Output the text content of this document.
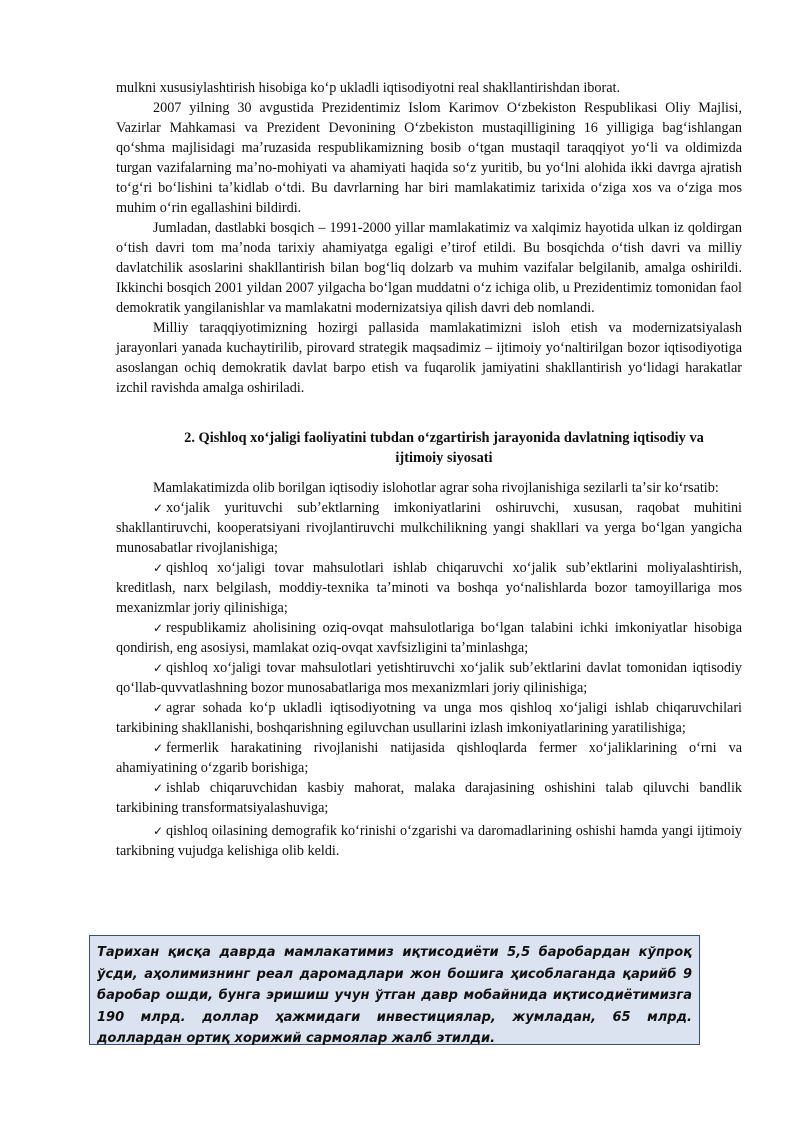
mulkni xususiylashtirish hisobiga koʻp ukladli iqtisodiyotni real shakllantirishdan iborat.

2007 yilning 30 avgustida Prezidentimiz Islom Karimov Oʻzbekiston Respublikasi Oliy Majlisi, Vazirlar Mahkamasi va Prezident Devonining Oʻzbekiston mustaqilligining 16 yilligiga bagʻishlangan qoʻshma majlisidagi maʼruzasida respublikamizning bosib oʻtgan mustaqil taraqqiyot yoʻli va oldimizda turgan vazifalarning maʼno-mohiyati va ahamiyati haqida soʻz yuritib, bu yoʻlni alohida ikki davrga ajratish toʻgʻri boʻlishini taʼkidlab oʻtdi. Bu davrlarning har biri mamlakatimiz tarixida oʻziga xos va oʻziga mos muhim oʻrin egallashini bildirdi.

Jumladan, dastlabki bosqich – 1991-2000 yillar mamlakatimiz va xalqimiz hayotida ulkan iz qoldirgan oʻtish davri tom maʼnoda tarixiy ahamiyatga egaligi eʼtirof etildi. Bu bosqichda oʻtish davri va milliy davlatchilik asoslarini shakllantirish bilan bogʻliq dolzarb va muhim vazifalar belgilanib, amalga oshirildi. Ikkinchi bosqich 2001 yildan 2007 yilgacha boʻlgan muddatni oʻz ichiga olib, u Prezidentimiz tomonidan faol demokratik yangilanishlar va mamlakatni modernizatsiya qilish davri deb nomlandi.

Milliy taraqqiyotimizning hozirgi pallasida mamlakatimizni isloh etish va modernizatsiyalash jarayonlari yanada kuchaytirilib, pirovard strategik maqsadimiz – ijtimoiy yoʻnaltirilgan bozor iqtisodiyotiga asoslangan ochiq demokratik davlat barpo etish va fuqarolik jamiyatini shakllantirish yoʻlidagi harakatlar izchil ravishda amalga oshiriladi.

2. Qishloq xoʻjaligi faoliyatini tubdan oʻzgartirish jarayonida davlatning iqtisodiy va
ijtimoiy siyosati

Mamlakatimizda olib borilgan iqtisodiy islohotlar agrar soha rivojlanishiga sezilarli taʼsir koʻrsatib:

✓ xoʻjalik yurituvchi subʼektlarning imkoniyatlarini oshiruvchi, xususan, raqobat muhitini shakllantiruvchi, kooperatsiyani rivojlantiruvchi mulkchilikning yangi shakllari va yerga boʻlgan yangicha munosabatlar rivojlanishiga;
✓ qishloq xoʻjaligi tovar mahsulotlari ishlab chiqaruvchi xoʻjalik subʼektlarini moliyalashtirish, kreditlash, narx belgilash, moddiy-texnika taʼminoti va boshqa yoʻnalishlarda bozor tamoyillariga mos mexanizmlar joriy qilinishiga;
✓ respublikamiz aholisining oziq-ovqat mahsulotlariga boʻlgan talabini ichki imkoniyatlar hisobiga qondirish, eng asosiysi, mamlakat oziq-ovqat xavfsizligini taʼminlashga;
✓ qishloq xoʻjaligi tovar mahsulotlari yetishtiruvchi xoʻjalik subʼektlarini davlat tomonidan iqtisodiy qoʻllab-quvvatlashning bozor munosabatlariga mos mexanizmlari joriy qilinishiga;
✓ agrar sohada koʻp ukladli iqtisodiyotning va unga mos qishloq xoʻjaligi ishlab chiqaruvchilari tarkibining shakllanishi, boshqarishning egiluvchan usullarini izlash imkoniyatlarining yaratilishiga;
✓ fermerlik harakatining rivojlanishi natijasida qishloqlarda fermer xoʻjaliklarining oʻrni va ahamiyatining oʻzgarib borishiga;
✓ ishlab chiqaruvchidan kasbiy mahorat, malaka darajasining oshishini talab qiluvchi bandlik tarkibining transformatsiyalashuviga;
✓ qishloq oilasining demografik koʻrinishi oʻzgarishi va daromadlarining oshishi hamda yangi ijtimoiy tarkibning vujudga kelishiga olib keldi.

Тарихан қисқа даврда мамлакатимиз иқтисодиёти 5,5 баробардан кўпроқ ўсди, аҳолимизнинг реал даромадлари жон бошига ҳисоблаганда қарийб 9 баробар ошди, бунга эришиш учун ўтган давр мобайнида иқтисодиётимизга 190 млрд. доллар ҳажмидаги инвестициялар, жумладан, 65 млрд. доллардан ортиқ хорижий сармоялар жалб этилди.
